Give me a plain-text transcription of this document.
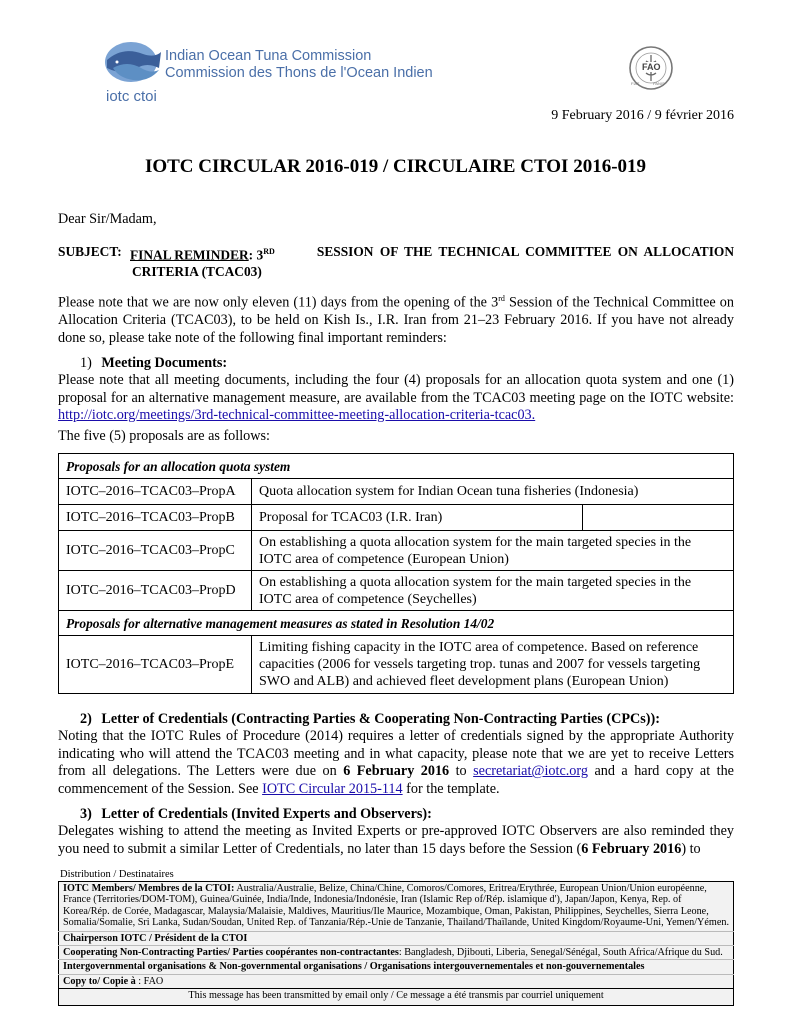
iotc ctoi
Indian Ocean Tuna Commission
Commission des Thons de l'Ocean Indien	FAO
FIAT	PANIS
9 February 2016 / 9 février 2016
IOTC CIRCULAR 2016-019 / CIRCULAIRE CTOI 2016-019
Dear Sir/Madam,
SUBJECT: FINAL REMINDER: 3RD	SESSION OF THE TECHNICAL COMMITTEE ON ALLOCATION
CRITERIA (TCAC03)

Please note that we are now only eleven (11) days from the opening of the 3rd Session of the Technical Committee on Allocation Criteria (TCAC03), to be held on Kish Is., I.R. Iran from 21–23 February 2016. If you have not already done so, please take note of the following final important reminders:

1) Meeting Documents:

Please note that all meeting documents, including the four (4) proposals for an allocation quota system and one (1) proposal for an alternative management measure, are available from the TCAC03 meeting page on the IOTC website: http://iotc.org/meetings/3rd-technical-committee-meeting-allocation-criteria-tcac03.

The five (5) proposals are as follows:
Proposals for an allocation quota system		
IOTC–2016–TCAC03–PropA	Quota allocation system for Indian Ocean tuna fisheries (Indonesia)	
IOTC–2016–TCAC03–PropB	Proposal for TCAC03 (I.R. Iran)	
IOTC–2016–TCAC03–PropC	On establishing a quota allocation system for the main targeted species in the IOTC area of competence (European Union)	
IOTC–2016–TCAC03–PropD	On establishing a quota allocation system for the main targeted species in the IOTC area of competence (Seychelles)	
Proposals for alternative management measures as stated in Resolution 14/02		
IOTC–2016–TCAC03–PropE	Limiting fishing capacity in the IOTC area of competence. Based on reference capacities (2006 for vessels targeting trop. tunas and 2007 for vessels targeting SWO and ALB) and achieved fleet development plans (European Union)	
2) Letter of Credentials (Contracting Parties & Cooperating Non-Contracting Parties (CPCs)):

Noting that the IOTC Rules of Procedure (2014) requires a letter of credentials signed by the appropriate Authority indicating who will attend the TCAC03 meeting and in what capacity, please note that we are yet to receive Letters from all delegations. The Letters were due on 6 February 2016 to secretariat@iotc.org and a hard copy at the commencement of the Session. See IOTC Circular 2015-114 for the template.

3) Letter of Credentials (Invited Experts and Observers):

Delegates wishing to attend the meeting as Invited Experts or pre-approved IOTC Observers are also reminded they you need to submit a similar Letter of Credentials, no later than 15 days before the Session (6 February 2016) to

Distribution / Destinataires
IOTC Members/ Membres de la CTOI: Australia/Australie, Belize, China/Chine, Comoros/Comores, Eritrea/Erythrée, European Union/Union européenne, France (Territories/DOM-TOM), Guinea/Guinée, India/Inde, Indonesia/Indonésie, Iran (Islamic Rep of/Rép. islamique d'), Japan/Japon, Kenya, Rep. of Korea/Rép. de Corée, Madagascar, Malaysia/Malaisie, Maldives, Mauritius/Ile Maurice, Mozambique, Oman, Pakistan, Philippines, Seychelles, Sierra Leone, Somalia/Somalie, Sri Lanka, Sudan/Soudan, United Rep. of Tanzania/Rép.-Unie de Tanzanie, Thailand/Thaïlande, United Kingdom/Royaume-Uni, Yemen/Yémen.
Chairperson IOTC / Président de la CTOI
Cooperating Non-Contracting Parties/ Parties coopérantes non-contractantes: Bangladesh, Djibouti, Liberia, Senegal/Sénégal, South Africa/Afrique du Sud.
Intergovernmental organisations & Non-governmental organisations / Organisations intergouvernementales et non-gouvernementales
Copy to/ Copie à : FAO
This message has been transmitted by email only / Ce message a été transmis par courriel uniquement
